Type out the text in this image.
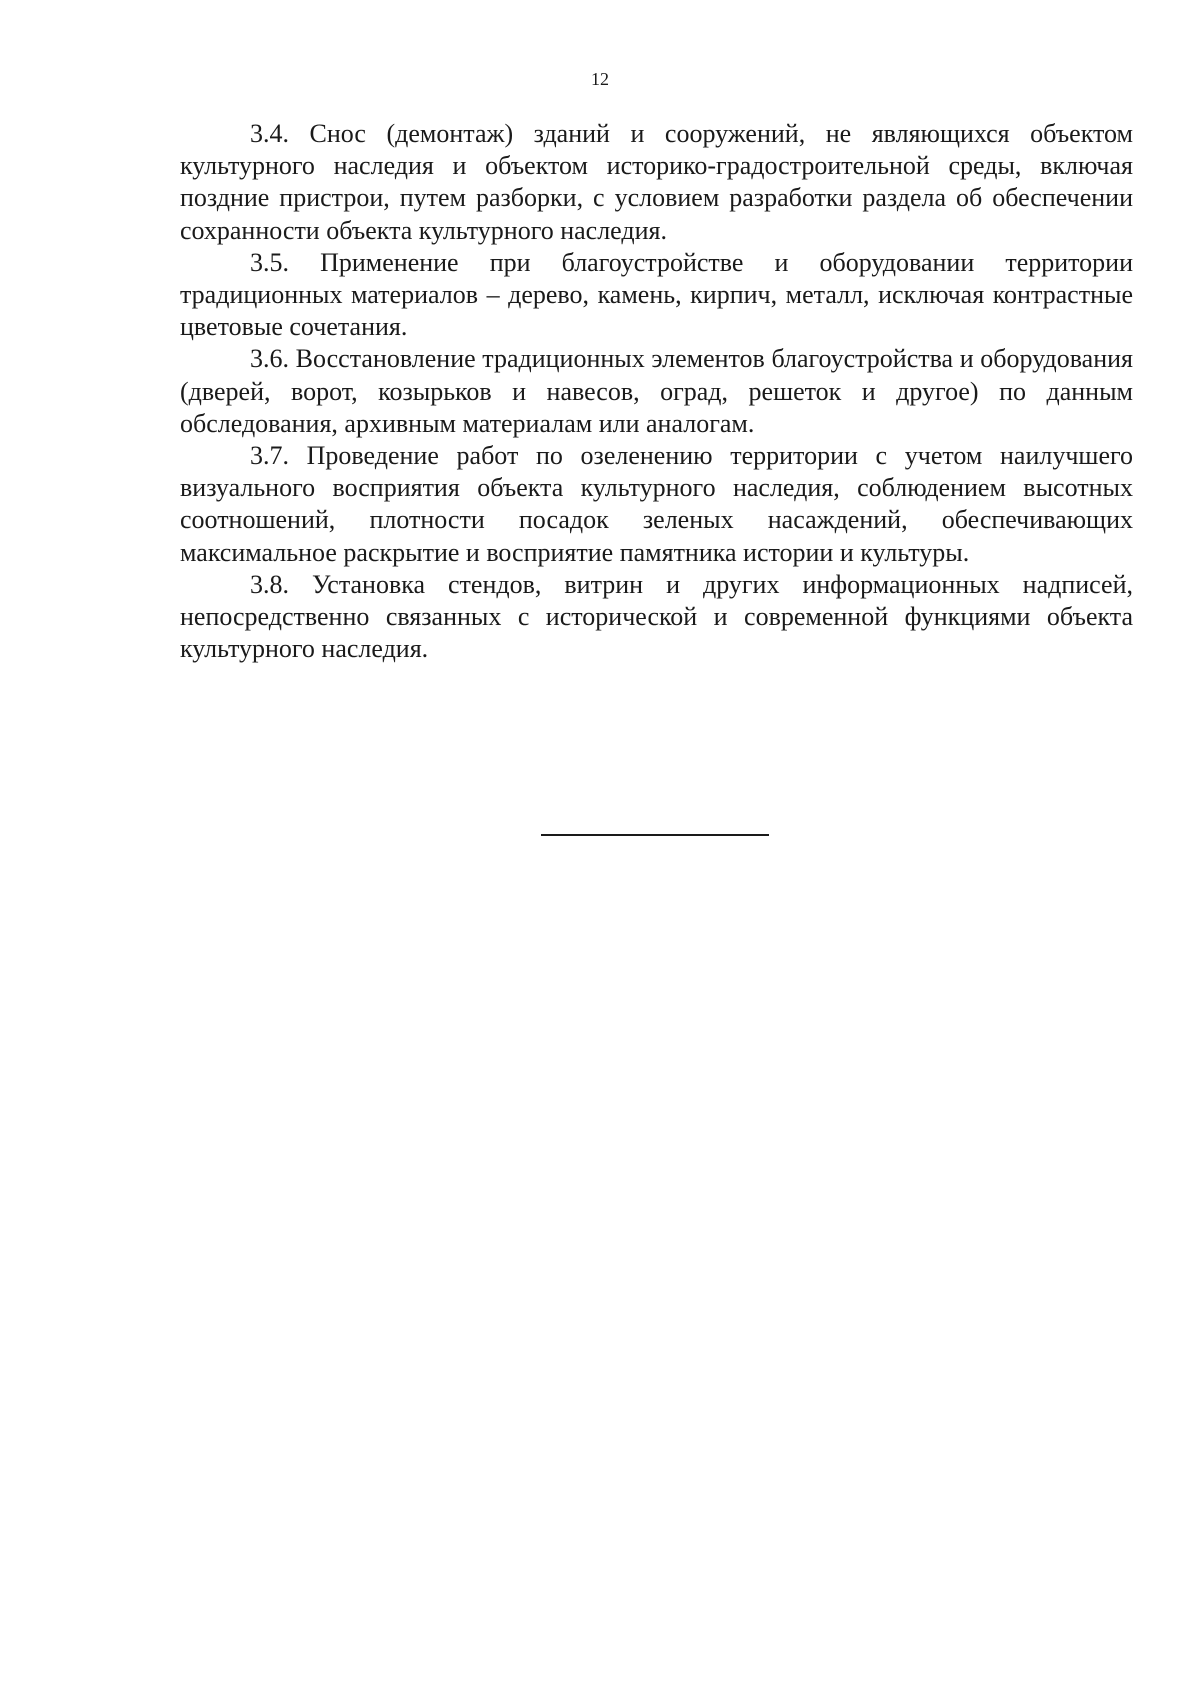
12

3.4. Снос (демонтаж) зданий и сооружений, не являющихся объектом культурного наследия и объектом историко-градостроительной среды, включая поздние пристрои, путем разборки, с условием разработки раздела об обеспечении сохранности объекта культурного наследия.

3.5. Применение при благоустройстве и оборудовании территории традиционных материалов – дерево, камень, кирпич, металл, исключая контрастные цветовые сочетания.

3.6. Восстановление традиционных элементов благоустройства и оборудования (дверей, ворот, козырьков и навесов, оград, решеток и другое) по данным обследования, архивным материалам или аналогам.

3.7. Проведение работ по озеленению территории с учетом наилучшего визуального восприятия объекта культурного наследия, соблюдением высотных соотношений, плотности посадок зеленых насаждений, обеспечивающих максимальное раскрытие и восприятие памятника истории и культуры.

3.8. Установка стендов, витрин и других информационных надписей, непосредственно связанных с исторической и современной функциями объекта культурного наследия.
